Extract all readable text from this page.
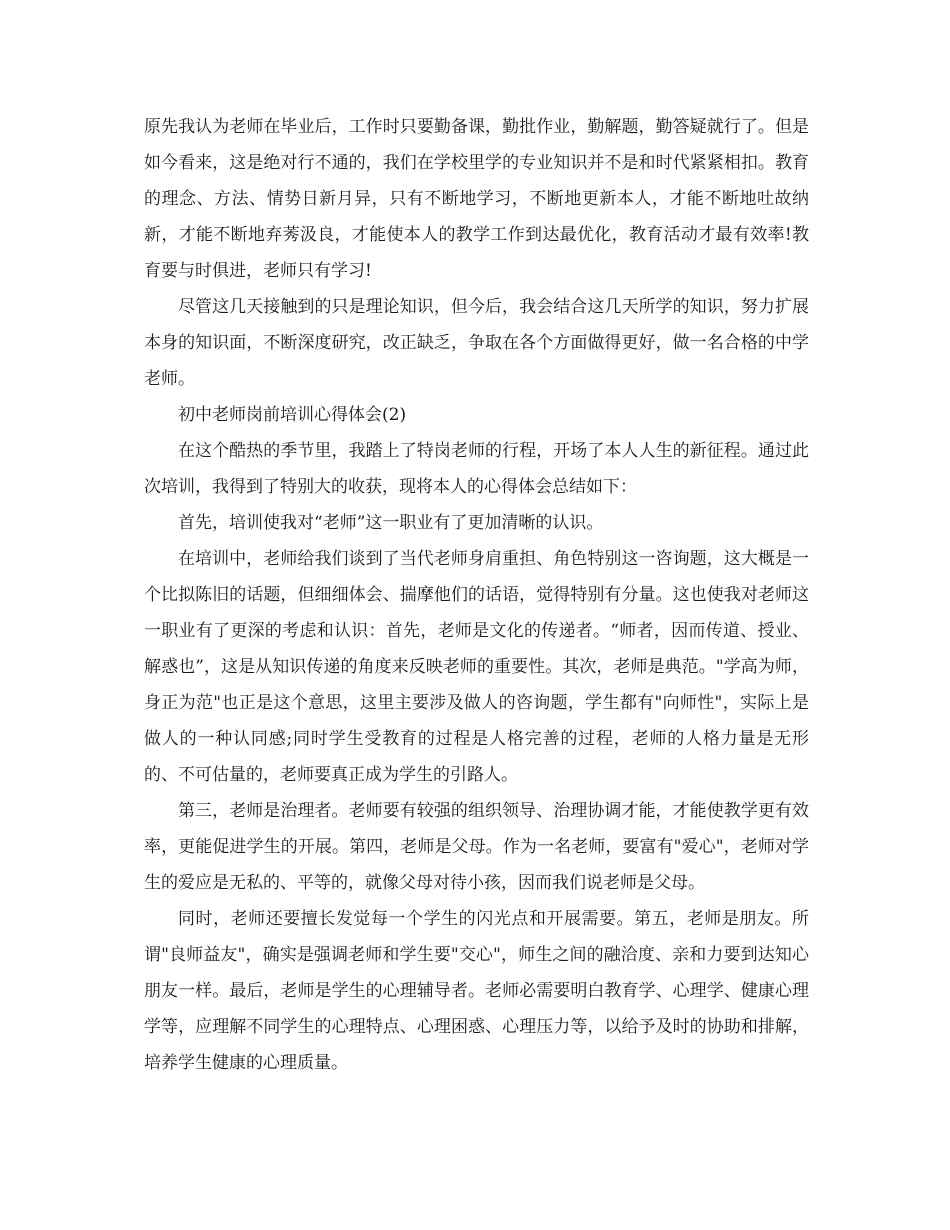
原先我认为老师在毕业后，工作时只要勤备课，勤批作业，勤解题，勤答疑就行了。但是如今看来，这是绝对行不通的，我们在学校里学的专业知识并不是和时代紧紧相扣。教育的理念、方法、情势日新月异，只有不断地学习，不断地更新本人，才能不断地吐故纳新，才能不断地弃莠汲良，才能使本人的教学工作到达最优化，教育活动才最有效率!教育要与时俱进，老师只有学习!

尽管这几天接触到的只是理论知识，但今后，我会结合这几天所学的知识，努力扩展本身的知识面，不断深度研究，改正缺乏，争取在各个方面做得更好，做一名合格的中学老师。

初中老师岗前培训心得体会(2)

在这个酷热的季节里，我踏上了特岗老师的行程，开场了本人人生的新征程。通过此次培训，我得到了特别大的收获，现将本人的心得体会总结如下：

首先，培训使我对“老师”这一职业有了更加清晰的认识。

在培训中，老师给我们谈到了当代老师身肩重担、角色特别这一咨询题，这大概是一个比拟陈旧的话题，但细细体会、揣摩他们的话语，觉得特别有分量。这也使我对老师这一职业有了更深的考虑和认识：首先，老师是文化的传递者。“师者，因而传道、授业、解惑也”，这是从知识传递的角度来反映老师的重要性。其次，老师是典范。"学高为师，身正为范"也正是这个意思，这里主要涉及做人的咨询题，学生都有"向师性"，实际上是做人的一种认同感;同时学生受教育的过程是人格完善的过程，老师的人格力量是无形的、不可估量的，老师要真正成为学生的引路人。

第三，老师是治理者。老师要有较强的组织领导、治理协调才能，才能使教学更有效率，更能促进学生的开展。第四，老师是父母。作为一名老师，要富有"爱心"，老师对学生的爱应是无私的、平等的，就像父母对待小孩，因而我们说老师是父母。

同时，老师还要擅长发觉每一个学生的闪光点和开展需要。第五，老师是朋友。所谓"良师益友"，确实是强调老师和学生要"交心"，师生之间的融洽度、亲和力要到达知心朋友一样。最后，老师是学生的心理辅导者。老师必需要明白教育学、心理学、健康心理学等，应理解不同学生的心理特点、心理困惑、心理压力等，以给予及时的协助和排解，培养学生健康的心理质量。
